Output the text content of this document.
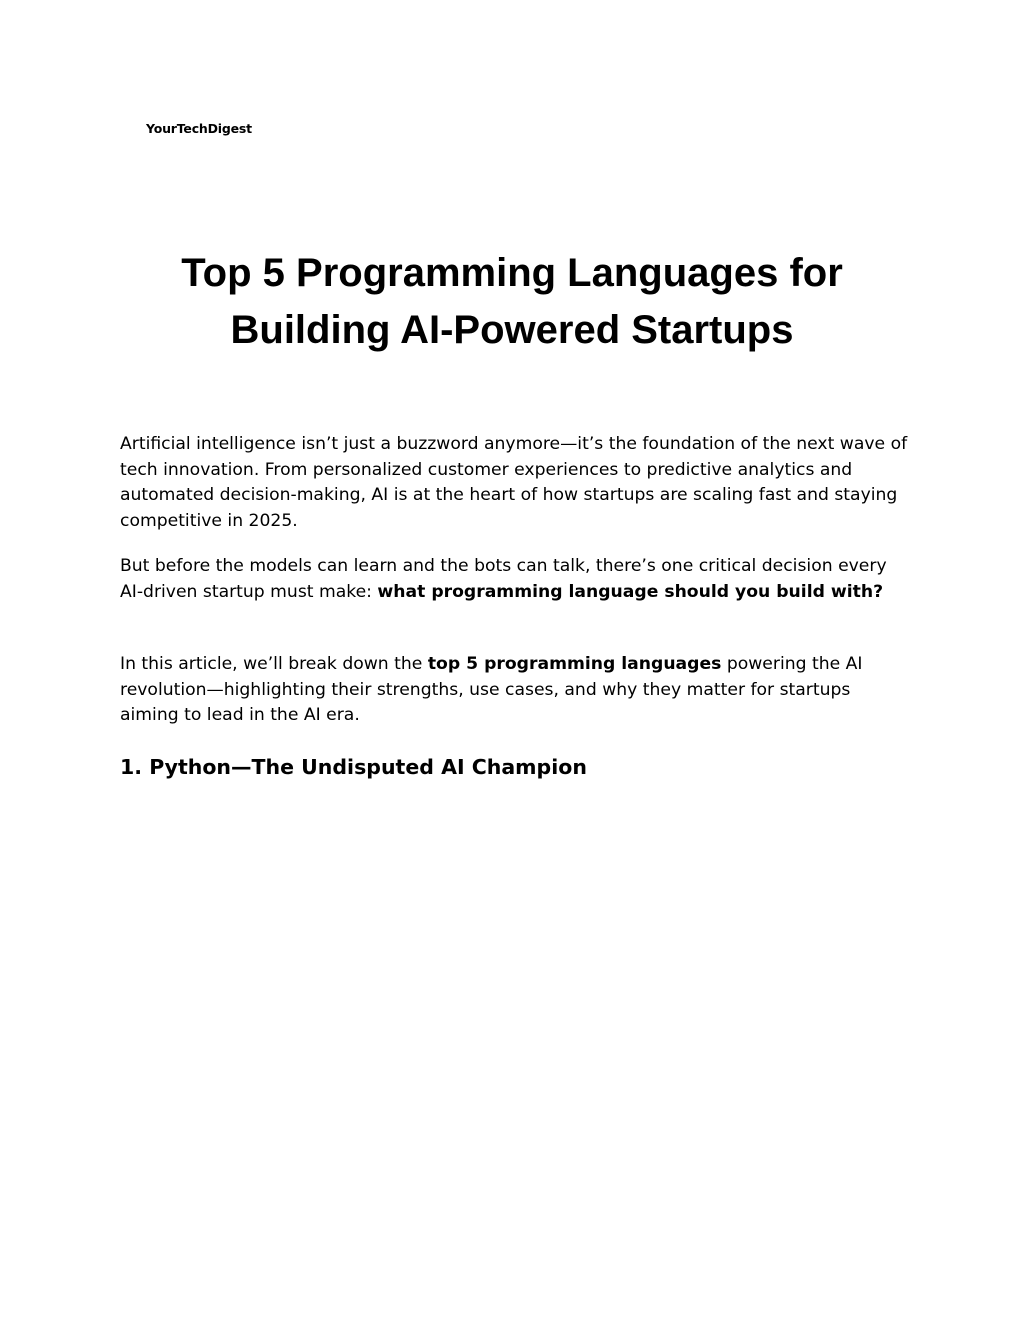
YourTechDigest
Top 5 Programming Languages for
Building AI-Powered Startups

Artificial intelligence isn’t just a buzzword anymore—it’s the foundation of the next wave of tech innovation. From personalized customer experiences to predictive analytics and automated decision-making, AI is at the heart of how startups are scaling fast and staying competitive in 2025.

But before the models can learn and the bots can talk, there’s one critical decision every AI-driven startup must make: what programming language should you build with?

In this article, we’ll break down the top 5 programming languages powering the AI revolution—highlighting their strengths, use cases, and why they matter for startups aiming to lead in the AI era.

1. Python—The Undisputed AI Champion
